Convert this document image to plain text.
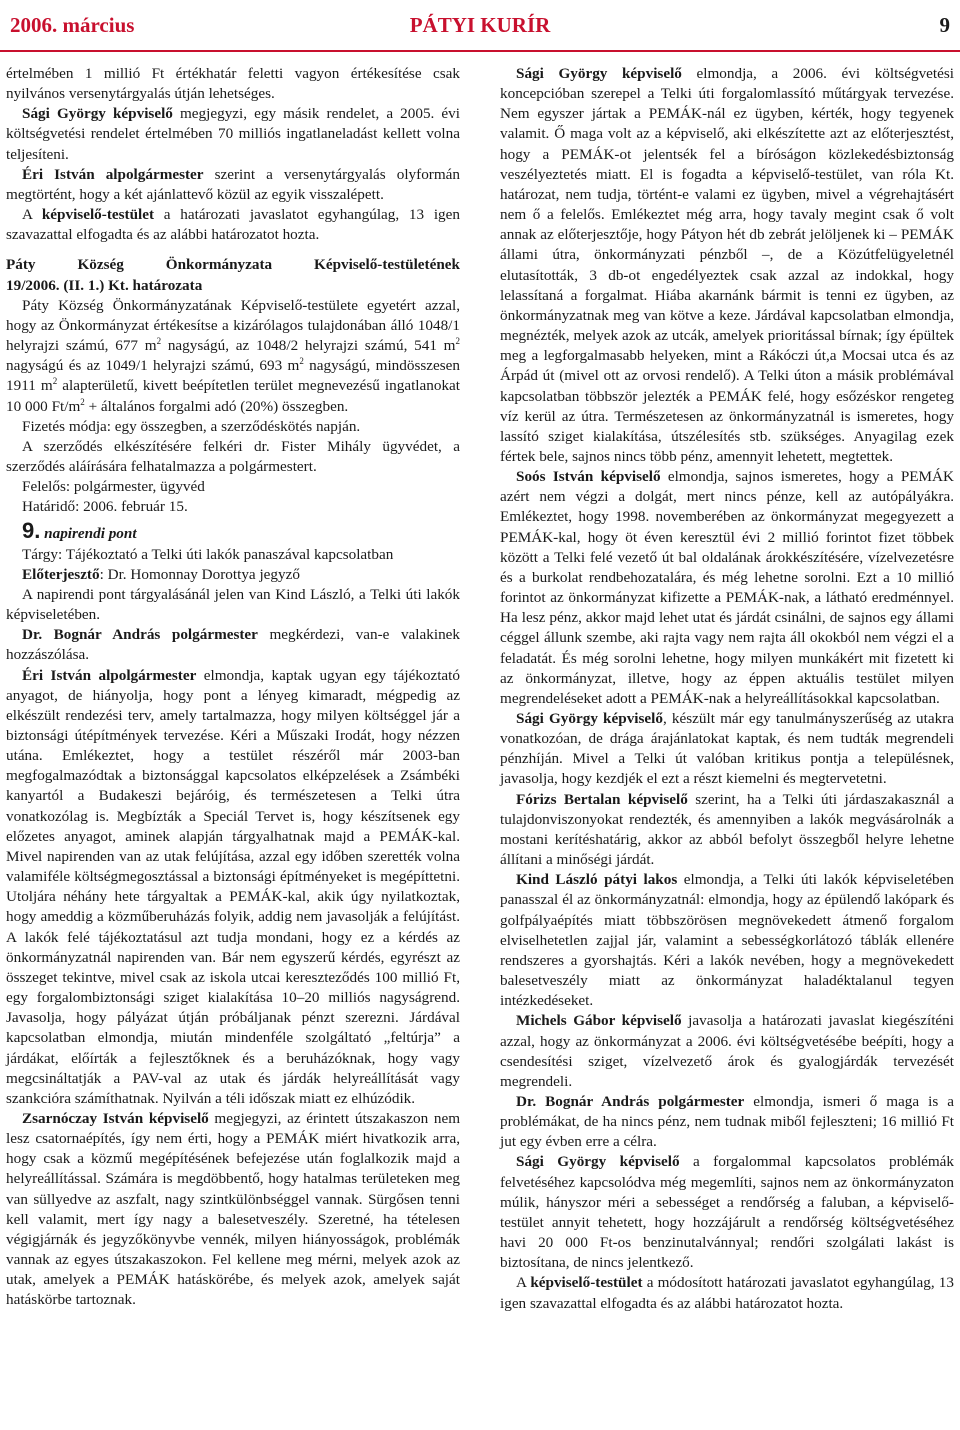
2006. március	PÁTYI KURÍR	9

értelmében 1 millió Ft értékhatár feletti vagyon értékesítése csak nyilvános versenytárgyalás útján lehetséges.

Sági György képviselő megjegyzi, egy másik rendelet, a 2005. évi költségvetési rendelet értelmében 70 milliós ingatlaneladást kellett volna teljesíteni.

Éri István alpolgármester szerint a versenytárgyalás olyformán megtörtént, hogy a két ajánlattevő közül az egyik visszalépett.

A képviselő-testület a határozati javaslatot egyhangúlag, 13 igen szavazattal elfogadta és az alábbi határozatot hozta.

Páty	Község	Önkormányzata	Képviselő-testületének
19/2006. (II. 1.) Kt. határozata

Páty Község Önkormányzatának Képviselő-testülete egyetért azzal, hogy az Önkormányzat értékesítse a kizárólagos tulajdonában álló 1048/1 helyrajzi számú, 677 $m^2$ nagyságú, az 1048/2 helyrajzi számú, 541 $m^2$ nagyságú és az 1049/1 helyrajzi számú, 693 $m^2$ nagyságú, mindösszesen 1911 $m^2$ alapterületű, kivett beépítetlen terület megnevezésű ingatlanokat 10 000 $Ft/m^2$ + általános forgalmi adó (20%) összegben.

Fizetés módja: egy összegben, a szerződéskötés napján.

A szerződés elkészítésére felkéri dr. Fister Mihály ügyvédet, a szerződés aláírására felhatalmazza a polgármestert.

Felelős: polgármester, ügyvéd

Határidő: 2006. február 15.

9. napirendi pont

Tárgy: Tájékoztató a Telki úti lakók panaszával kapcsolatban

Előterjesztő: Dr. Homonnay Dorottya jegyző

A napirendi pont tárgyalásánál jelen van Kind László, a Telki úti lakók képviseletében.

Dr. Bognár András polgármester megkérdezi, van-e valakinek hozzászólása.

Éri István alpolgármester elmondja, kaptak ugyan egy tájékoztató anyagot, de hiányolja, hogy pont a lényeg kimaradt, mégpedig az elkészült rendezési terv, amely tartalmazza, hogy milyen költséggel jár a biztonsági útépítmények tervezése. Kéri a Műszaki Irodát, hogy nézzen utána. Emlékeztet, hogy a testület részéről már 2003-ban megfogalmazódtak a biztonsággal kapcsolatos elképzelések a Zsámbéki kanyartól a Budakeszi bejáróig, és természetesen a Telki útra vonatkozólag is. Megbízták a Speciál Tervet is, hogy készítsenek egy előzetes anyagot, aminek alapján tárgyalhatnak majd a PEMÁK-kal. Mivel napirenden van az utak felújítása, azzal egy időben szerették volna valamiféle költségmegosztással a biztonsági építményeket is megépíttetni. Utoljára néhány hete tárgyaltak a PEMÁK-kal, akik úgy nyilatkoztak, hogy ameddig a közműberuházás folyik, addig nem javasolják a felújítást. A lakók felé tájékoztatásul azt tudja mondani, hogy ez a kérdés az önkormányzatnál napirenden van. Bár nem egyszerű kérdés, egyrészt az összeget tekintve, mivel csak az iskola utcai kereszteződés 100 millió Ft, egy forgalombiztonsági sziget kialakítása 10–20 milliós nagyságrend. Javasolja, hogy pályázat útján próbáljanak pénzt szerezni. Járdával kapcsolatban elmondja, miután mindenféle szolgáltató „feltúrja” a járdákat, előírták a fejlesztőknek és a beruházóknak, hogy vagy megcsináltatják a PAV-val az utak és járdák helyreállítását vagy szankcióra számíthatnak. Nyilván a téli időszak miatt ez elhúzódik.

Zsarnóczay István képviselő megjegyzi, az érintett útszakaszon nem lesz csatornaépítés, így nem érti, hogy a PEMÁK miért hivatkozik arra, hogy csak a közmű megépítésének befejezése után foglalkozik majd a helyreállítással. Számára is megdöbbentő, hogy hatalmas területeken meg van süllyedve az aszfalt, nagy szintkülönbséggel vannak. Sürgősen tenni kell valamit, mert így nagy a balesetveszély. Szeretné, ha tételesen végigjárnák és jegyzőkönyvbe vennék, milyen hiányosságok, problémák vannak az egyes útszakaszokon. Fel kellene meg mérni, melyek azok az utak, amelyek a PEMÁK hatáskörébe, és melyek azok, amelyek saját hatáskörbe tartoznak.

Sági György képviselő elmondja, a 2006. évi költségvetési koncepcióban szerepel a Telki úti forgalomlassító műtárgyak tervezése. Nem egyszer jártak a PEMÁK-nál ez ügyben, kérték, hogy tegyenek valamit. Ő maga volt az a képviselő, aki elkészítette azt az előterjesztést, hogy a PEMÁK-ot jelentsék fel a bíróságon közlekedésbiztonság veszélyeztetés miatt. El is fogadta a képviselő-testület, van róla Kt. határozat, nem tudja, történt-e valami ez ügyben, mivel a végrehajtásért nem ő a felelős. Emlékeztet még arra, hogy tavaly megint csak ő volt annak az előterjesztője, hogy Pátyon hét db zebrát jelöljenek ki – PEMÁK állami útra, önkormányzati pénzből –, de a Közútfelügyeletnél elutasították, 3 db-ot engedélyeztek csak azzal az indokkal, hogy lelassítaná a forgalmat. Hiába akarnánk bármit is tenni ez ügyben, az önkormányzatnak meg van kötve a keze. Járdával kapcsolatban elmondja, megnézték, melyek azok az utcák, amelyek prioritással bírnak; így épültek meg a legforgalmasabb helyeken, mint a Rákóczi út,a Mocsai utca és az Árpád út (mivel ott az orvosi rendelő). A Telki úton a másik problémával kapcsolatban többször jelezték a PEMÁK felé, hogy esőzéskor rengeteg víz kerül az útra. Természetesen az önkormányzatnál is ismeretes, hogy lassító sziget kialakítása, útszélesítés stb. szükséges. Anyagilag ezek fértek bele, sajnos nincs több pénz, amennyit lehetett, megtettek.

Soós István képviselő elmondja, sajnos ismeretes, hogy a PEMÁK azért nem végzi a dolgát, mert nincs pénze, kell az autópályákra. Emlékeztet, hogy 1998. novemberében az önkormányzat megegyezett a PEMÁK-kal, hogy öt éven keresztül évi 2 millió forintot fizet többek között a Telki felé vezető út bal oldalának árokkészítésére, vízelvezetésre és a burkolat rendbehozatalára, és még lehetne sorolni. Ezt a 10 millió forintot az önkormányzat kifizette a PEMÁK-nak, a látható eredménnyel. Ha lesz pénz, akkor majd lehet utat és járdát csinálni, de sajnos egy állami céggel állunk szembe, aki rajta vagy nem rajta áll okokból nem végzi el a feladatát. És még sorolni lehetne, hogy milyen munkákért mit fizetett ki az önkormányzat, illetve, hogy az éppen aktuális testület milyen megrendeléseket adott a PEMÁK-nak a helyreállításokkal kapcsolatban.

Sági György képviselő, készült már egy tanulmányszerűség az utakra vonatkozóan, de drága árajánlatokat kaptak, és nem tudták megrendeli pénzhíján. Mivel a Telki út valóban kritikus pontja a településnek, javasolja, hogy kezdjék el ezt a részt kiemelni és megtervetetni.

Fórizs Bertalan képviselő szerint, ha a Telki úti járdaszakasznál a tulajdonviszonyokat rendezték, és amennyiben a lakók megvásárolnák a mostani kerítéshatárig, akkor az abból befolyt összegből helyre lehetne állítani a minőségi járdát.

Kind László pátyi lakos elmondja, a Telki úti lakók képviseletében panasszal él az önkormányzatnál: elmondja, hogy az épülendő lakópark és golfpályaépítés miatt többszörösen megnövekedett átmenő forgalom elviselhetetlen zajjal jár, valamint a sebességkorlátozó táblák ellenére rendszeres a gyorshajtás. Kéri a lakók nevében, hogy a megnövekedett balesetveszély miatt az önkormányzat haladéktalanul tegyen intézkedéseket.

Michels Gábor képviselő javasolja a határozati javaslat kiegészíténi azzal, hogy az önkormányzat a 2006. évi költségvetésébe beépíti, hogy a csendesítési sziget, vízelvezető árok és gyalogjárdák tervezését megrendeli.

Dr. Bognár András polgármester elmondja, ismeri ő maga is a problémákat, de ha nincs pénz, nem tudnak miből fejleszteni; 16 millió Ft jut egy évben erre a célra.

Sági György képviselő a forgalommal kapcsolatos problémák felvetéséhez kapcsolódva még megemlíti, sajnos nem az önkormányzaton múlik, hányszor méri a sebességet a rendőrség a faluban, a képviselő-testület annyit tehetett, hogy hozzájárult a rendőrség költségvetéséhez havi 20 000 Ft-os benzinutalvánnyal; rendőri szolgálati lakást is biztosítana, de nincs jelentkező.

A képviselő-testület a módosított határozati javaslatot egyhangúlag, 13 igen szavazattal elfogadta és az alábbi határozatot hozta.
